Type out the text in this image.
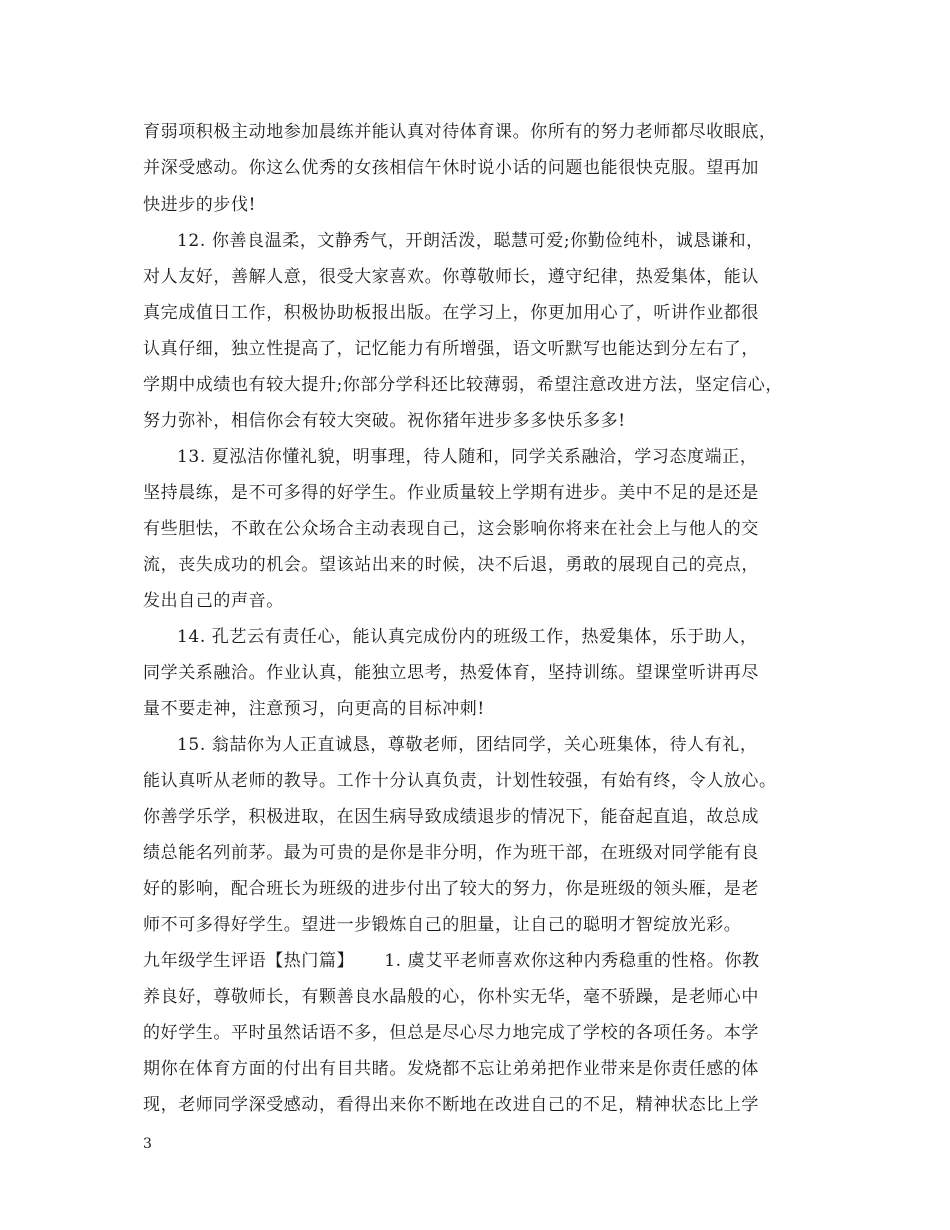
育弱项积极主动地参加晨练并能认真对待体育课。你所有的努力老师都尽收眼底，
并深受感动。你这么优秀的女孩相信午休时说小话的问题也能很快克服。望再加
快进步的步伐!
12. 你善良温柔，文静秀气，开朗活泼，聪慧可爱;你勤俭纯朴，诚恳谦和，
对人友好，善解人意，很受大家喜欢。你尊敬师长，遵守纪律，热爱集体，能认
真完成值日工作，积极协助板报出版。在学习上，你更加用心了，听讲作业都很
认真仔细，独立性提高了，记忆能力有所增强，语文听默写也能达到分左右了，
学期中成绩也有较大提升;你部分学科还比较薄弱，希望注意改进方法，坚定信心，
努力弥补，相信你会有较大突破。祝你猪年进步多多快乐多多!
13. 夏泓洁你懂礼貌，明事理，待人随和，同学关系融洽，学习态度端正，
坚持晨练，是不可多得的好学生。作业质量较上学期有进步。美中不足的是还是
有些胆怯，不敢在公众场合主动表现自己，这会影响你将来在社会上与他人的交
流，丧失成功的机会。望该站出来的时候，决不后退，勇敢的展现自己的亮点，
发出自己的声音。
14. 孔艺云有责任心，能认真完成份内的班级工作，热爱集体，乐于助人，
同学关系融洽。作业认真，能独立思考，热爱体育，坚持训练。望课堂听讲再尽
量不要走神，注意预习，向更高的目标冲刺!
15. 翁喆你为人正直诚恳，尊敬老师，团结同学，关心班集体，待人有礼，
能认真听从老师的教导。工作十分认真负责，计划性较强，有始有终，令人放心。
你善学乐学，积极进取，在因生病导致成绩退步的情况下，能奋起直追，故总成
绩总能名列前茅。最为可贵的是你是非分明，作为班干部，在班级对同学能有良
好的影响，配合班长为班级的进步付出了较大的努力，你是班级的领头雁，是老
师不可多得好学生。望进一步锻炼自己的胆量，让自己的聪明才智绽放光彩。
九年级学生评语【热门篇】     1. 虞艾平老师喜欢你这种内秀稳重的性格。你教
养良好，尊敬师长，有颗善良水晶般的心，你朴实无华，毫不骄躁，是老师心中
的好学生。平时虽然话语不多，但总是尽心尽力地完成了学校的各项任务。本学
期你在体育方面的付出有目共睹。发烧都不忘让弟弟把作业带来是你责任感的体
现，老师同学深受感动，看得出来你不断地在改进自己的不足，精神状态比上学
3
